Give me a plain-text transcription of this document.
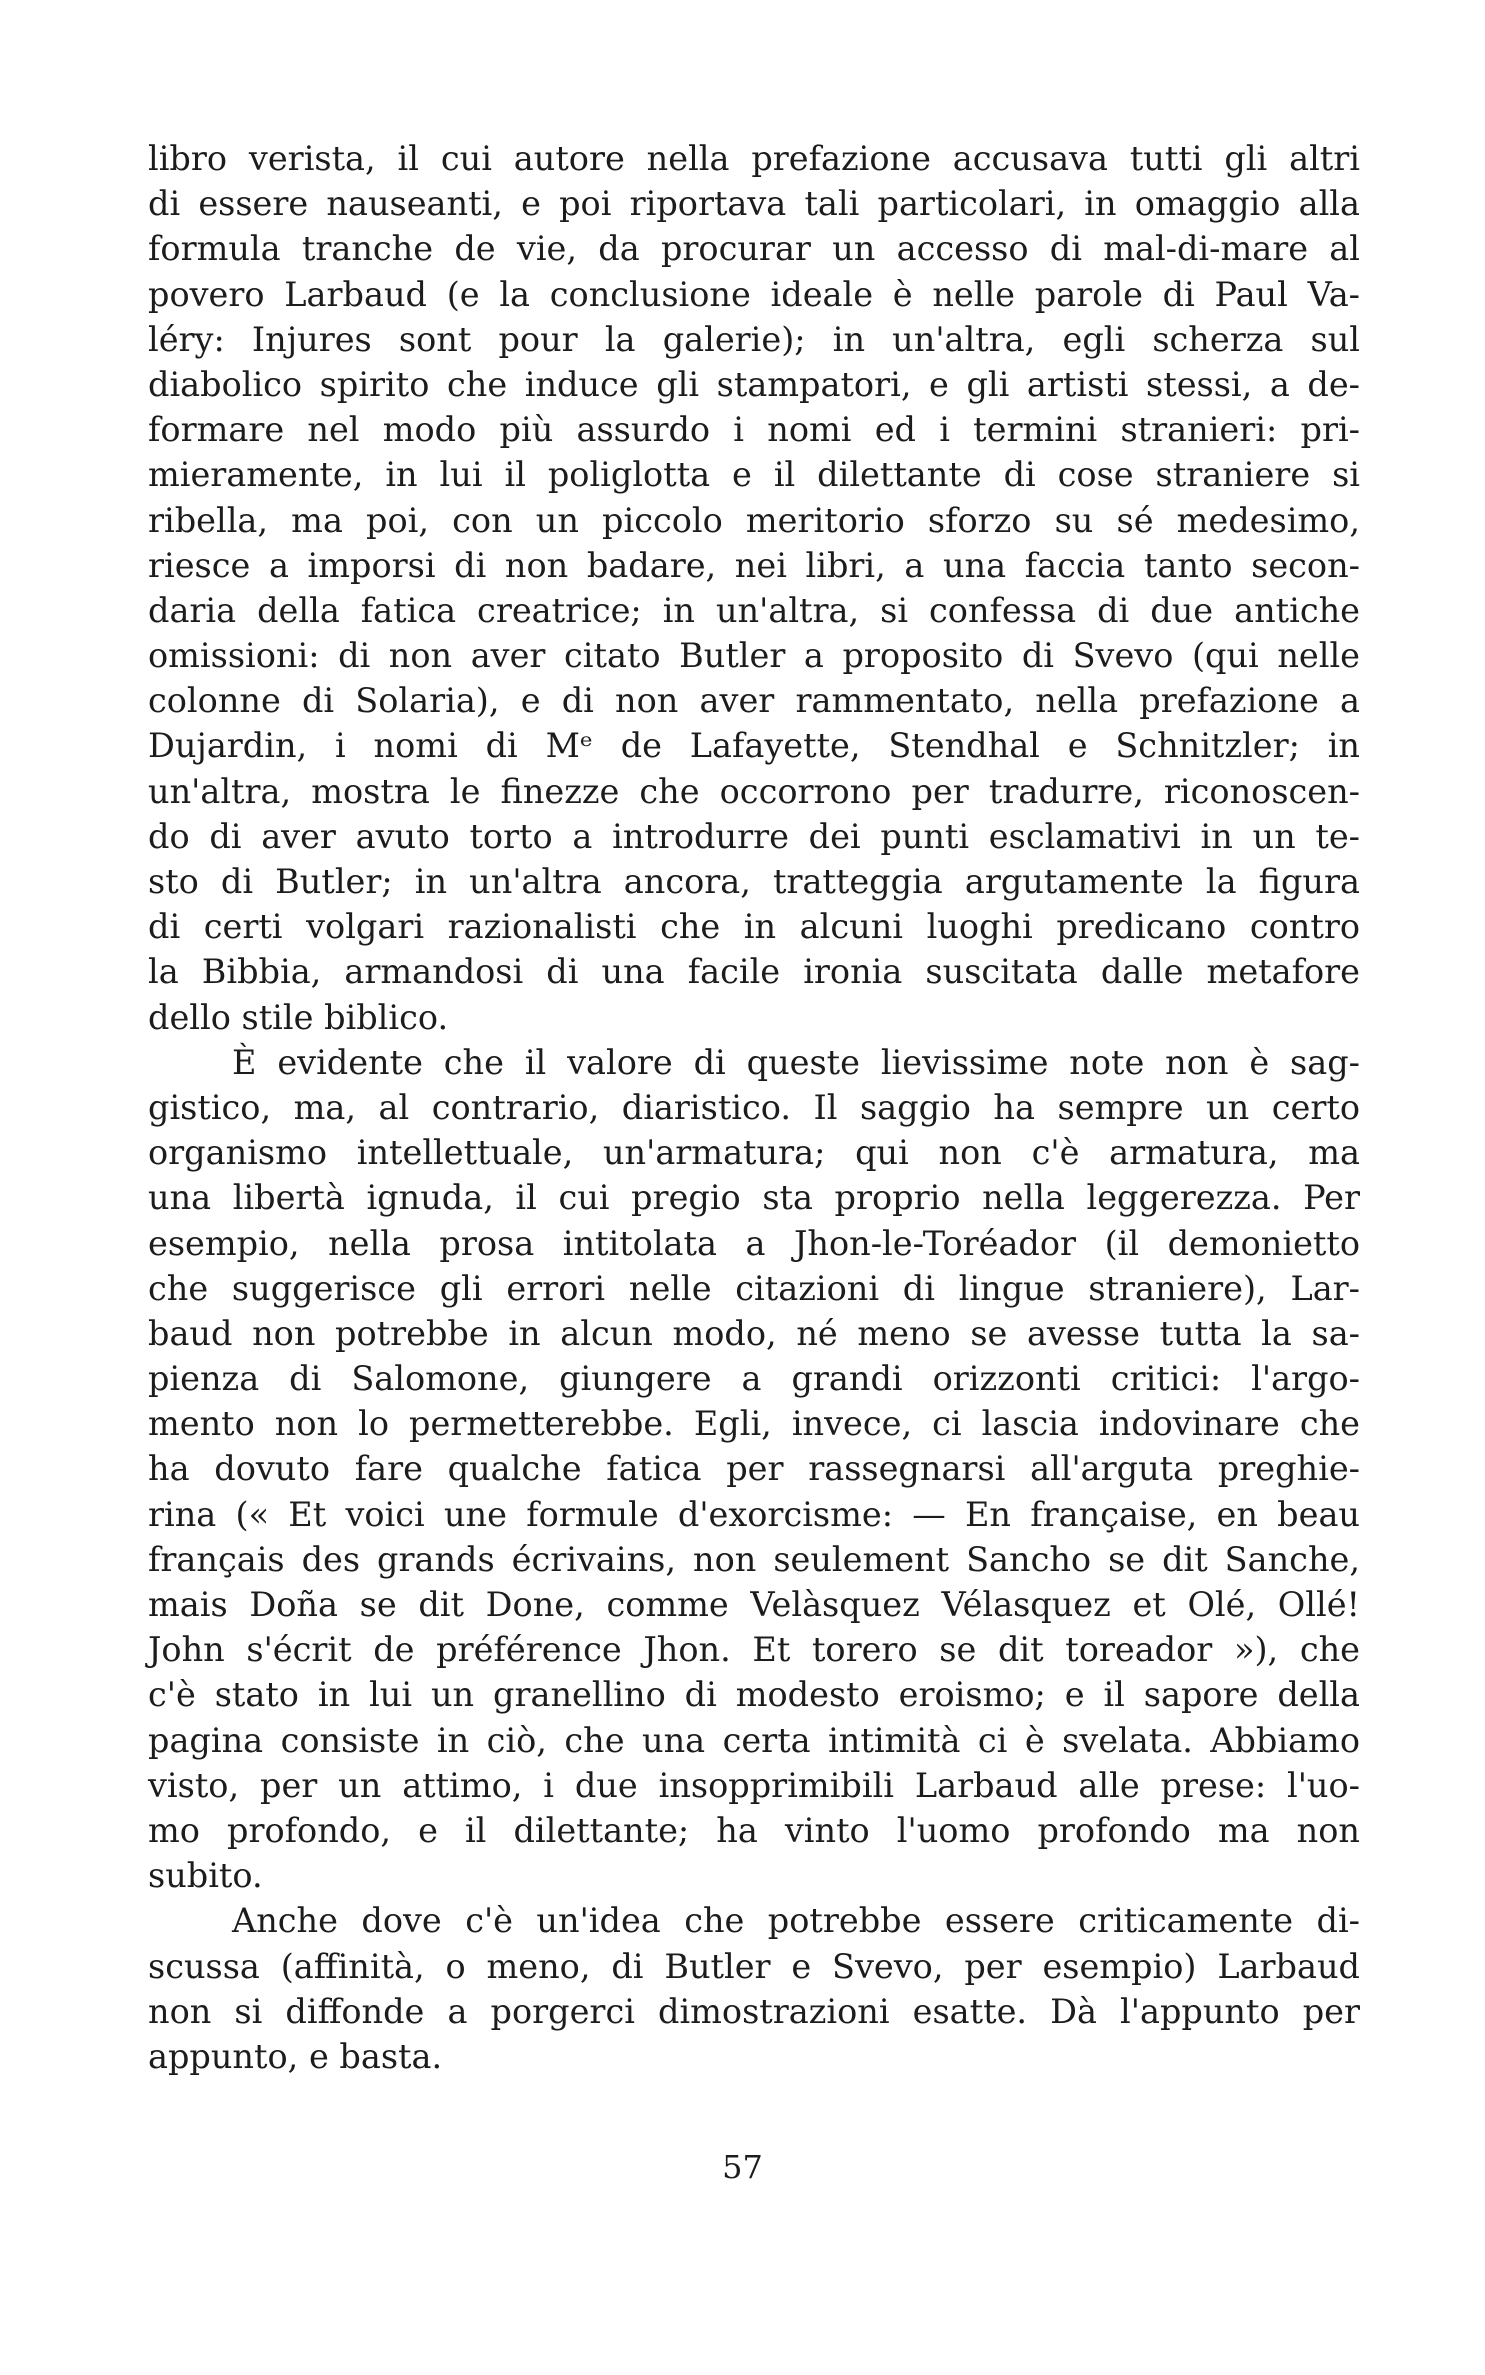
libro verista, il cui autore nella prefazione accusava tutti gli altri
di essere nauseanti, e poi riportava tali particolari, in omaggio alla
formula tranche de vie, da procurar un accesso di mal-di-mare al
povero Larbaud (e la conclusione ideale è nelle parole di Paul Va-
léry: Injures sont pour la galerie); in un'altra, egli scherza sul
diabolico spirito che induce gli stampatori, e gli artisti stessi, a de-
formare nel modo più assurdo i nomi ed i termini stranieri: pri-
mieramente, in lui il poliglotta e il dilettante di cose straniere si
ribella, ma poi, con un piccolo meritorio sforzo su sé medesimo,
riesce a imporsi di non badare, nei libri, a una faccia tanto secon-
daria della fatica creatrice; in un'altra, si confessa di due antiche
omissioni: di non aver citato Butler a proposito di Svevo (qui nelle
colonne di Solaria), e di non aver rammentato, nella prefazione a
Dujardin, i nomi di Mᵉ de Lafayette, Stendhal e Schnitzler; in
un'altra, mostra le finezze che occorrono per tradurre, riconoscen-
do di aver avuto torto a introdurre dei punti esclamativi in un te-
sto di Butler; in un'altra ancora, tratteggia argutamente la figura
di certi volgari razionalisti che in alcuni luoghi predicano contro
la Bibbia, armandosi di una facile ironia suscitata dalle metafore
dello stile biblico.
È evidente che il valore di queste lievissime note non è sag-
gistico, ma, al contrario, diaristico. Il saggio ha sempre un certo
organismo intellettuale, un'armatura; qui non c'è armatura, ma
una libertà ignuda, il cui pregio sta proprio nella leggerezza. Per
esempio, nella prosa intitolata a Jhon-le-Toréador (il demonietto
che suggerisce gli errori nelle citazioni di lingue straniere), Lar-
baud non potrebbe in alcun modo, né meno se avesse tutta la sa-
pienza di Salomone, giungere a grandi orizzonti critici: l'argo-
mento non lo permetterebbe. Egli, invece, ci lascia indovinare che
ha dovuto fare qualche fatica per rassegnarsi all'arguta preghie-
rina (« Et voici une formule d'exorcisme: — En française, en beau
français des grands écrivains, non seulement Sancho se dit Sanche,
mais Doña se dit Done, comme Velàsquez Vélasquez et Olé, Ollé!
John s'écrit de préférence Jhon. Et torero se dit toreador »), che
c'è stato in lui un granellino di modesto eroismo; e il sapore della
pagina consiste in ciò, che una certa intimità ci è svelata. Abbiamo
visto, per un attimo, i due insopprimibili Larbaud alle prese: l'uo-
mo profondo, e il dilettante; ha vinto l'uomo profondo ma non
subito.
Anche dove c'è un'idea che potrebbe essere criticamente di-
scussa (affinità, o meno, di Butler e Svevo, per esempio) Larbaud
non si diffonde a porgerci dimostrazioni esatte. Dà l'appunto per
appunto, e basta.
57
